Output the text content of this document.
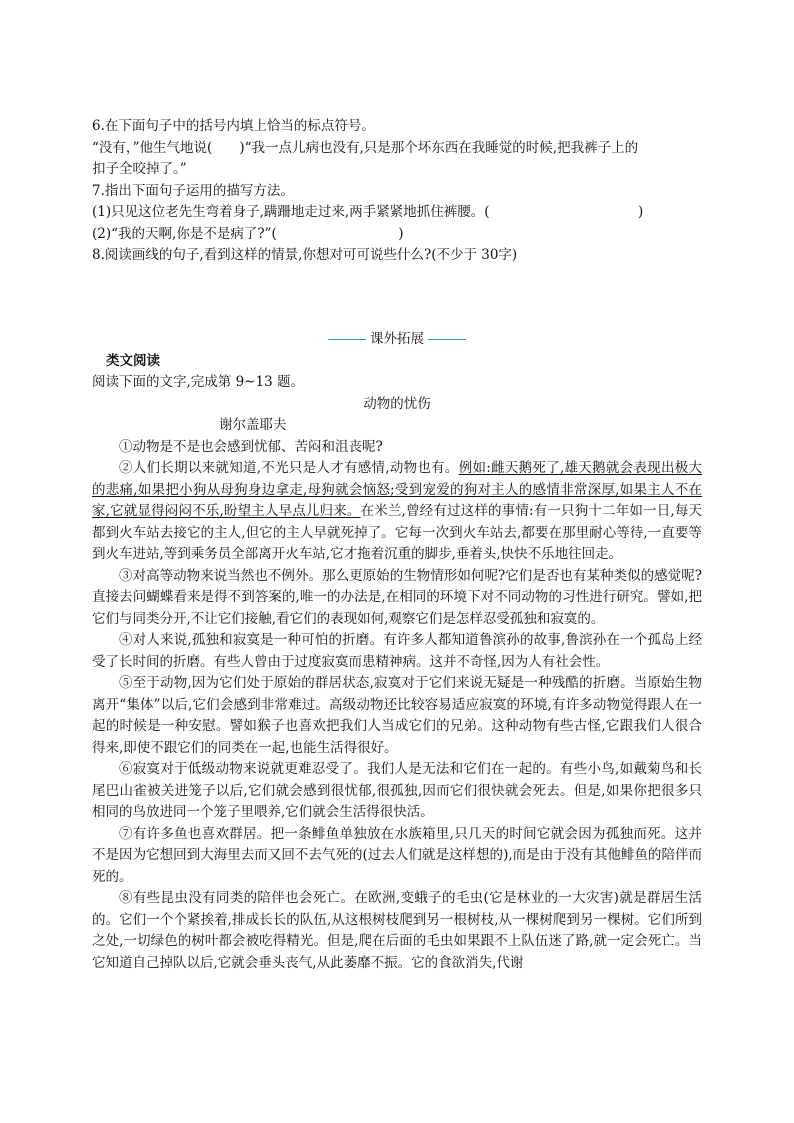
6.在下面句子中的括号内填上恰当的标点符号。
“没有，”他生气地说(　　)“我一点儿病也没有,只是那个坏东西在我睡觉的时候,把我裤子上的
扣子全咬掉了。”
7.指出下面句子运用的描写方法。
(1)只见这位老先生弯着身子,蹒跚地走过来,两手紧紧地抓住裤腰。(　　　　　　　　　　　)
(2)“我的天啊,你是不是病了?”(　　　　　　　　　)
8.阅读画线的句子,看到这样的情景,你想对可可说些什么?(不少于 30字)
课外拓展
类文阅读
阅读下面的文字,完成第 9~13 题。
动物的忧伤
谢尔盖耶夫

①动物是不是也会感到忧郁、苦闷和沮丧呢?

②人们长期以来就知道,不光只是人才有感情,动物也有。例如:雌天鹅死了,雄天鹅就会表现出极大的悲痛,如果把小狗从母狗身边拿走,母狗就会恼怒;受到宠爱的狗对主人的感情非常深厚,如果主人不在家,它就显得闷闷不乐,盼望主人早点儿归来。在米兰,曾经有过这样的事情:有一只狗十二年如一日,每天都到火车站去接它的主人,但它的主人早就死掉了。它每一次到火车站去,都要在那里耐心等待,一直要等到火车进站,等到乘务员全部离开火车站,它才拖着沉重的脚步,垂着头,快快不乐地往回走。

③对高等动物来说当然也不例外。那么更原始的生物情形如何呢?它们是否也有某种类似的感觉呢?直接去问蝴蝶看来是得不到答案的,唯一的办法是,在相同的环境下对不同动物的习性进行研究。譬如,把它们与同类分开,不让它们接触,看它们的表现如何,观察它们是怎样忍受孤独和寂寞的。

④对人来说,孤独和寂寞是一种可怕的折磨。有许多人都知道鲁滨孙的故事,鲁滨孙在一个孤岛上经受了长时间的折磨。有些人曾由于过度寂寞而患精神病。这并不奇怪,因为人有社会性。

⑤至于动物,因为它们处于原始的群居状态,寂寞对于它们来说无疑是一种残酷的折磨。当原始生物离开“集体”以后,它们会感到非常难过。高级动物还比较容易适应寂寞的环境,有许多动物觉得跟人在一起的时候是一种安慰。譬如猴子也喜欢把我们人当成它们的兄弟。这种动物有些古怪,它跟我们人很合得来,即使不跟它们的同类在一起,也能生活得很好。

⑥寂寞对于低级动物来说就更难忍受了。我们人是无法和它们在一起的。有些小鸟,如戴菊鸟和长尾巴山雀被关进笼子以后,它们就会感到很忧郁,很孤独,因而它们很快就会死去。但是,如果你把很多只相同的鸟放进同一个笼子里喂养,它们就会生活得很快活。

⑦有许多鱼也喜欢群居。把一条鲱鱼单独放在水族箱里,只几天的时间它就会因为孤独而死。这并不是因为它想回到大海里去而又回不去气死的(过去人们就是这样想的),而是由于没有其他鲱鱼的陪伴而死的。

⑧有些昆虫没有同类的陪伴也会死亡。在欧洲,变蛾子的毛虫(它是林业的一大灾害)就是群居生活的。它们一个个紧挨着,排成长长的队伍,从这根树枝爬到另一根树枝,从一棵树爬到另一棵树。它们所到之处,一切绿色的树叶都会被吃得精光。但是,爬在后面的毛虫如果跟不上队伍迷了路,就一定会死亡。当它知道自己掉队以后,它就会垂头丧气,从此萎靡不振。它的食欲消失,代谢
